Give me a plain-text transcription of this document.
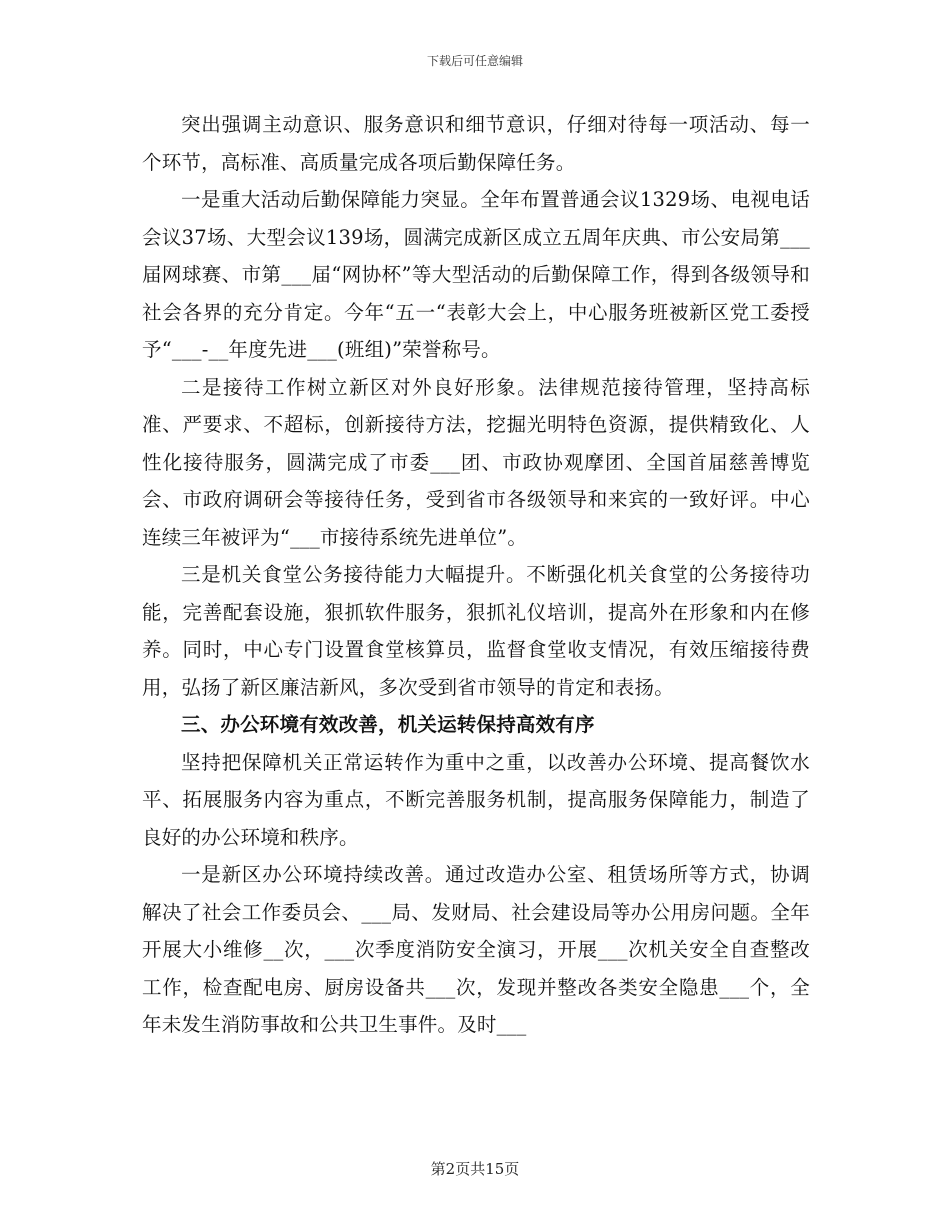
下载后可任意编辑

突出强调主动意识、服务意识和细节意识，仔细对待每一项活动、每一个环节，高标准、高质量完成各项后勤保障任务。

一是重大活动后勤保障能力突显。全年布置普通会议1329场、电视电话会议37场、大型会议139场，圆满完成新区成立五周年庆典、市公安局第___届网球赛、市第___届“网协杯”等大型活动的后勤保障工作，得到各级领导和社会各界的充分肯定。今年“五一“表彰大会上，中心服务班被新区党工委授予“___-__年度先进___(班组)”荣誉称号。

二是接待工作树立新区对外良好形象。法律规范接待管理，坚持高标准、严要求、不超标，创新接待方法，挖掘光明特色资源，提供精致化、人性化接待服务，圆满完成了市委___团、市政协观摩团、全国首届慈善博览会、市政府调研会等接待任务，受到省市各级领导和来宾的一致好评。中心连续三年被评为“___市接待系统先进单位”。

三是机关食堂公务接待能力大幅提升。不断强化机关食堂的公务接待功能，完善配套设施，狠抓软件服务，狠抓礼仪培训，提高外在形象和内在修养。同时，中心专门设置食堂核算员，监督食堂收支情况，有效压缩接待费用，弘扬了新区廉洁新风，多次受到省市领导的肯定和表扬。

三、办公环境有效改善，机关运转保持高效有序

坚持把保障机关正常运转作为重中之重，以改善办公环境、提高餐饮水平、拓展服务内容为重点，不断完善服务机制，提高服务保障能力，制造了良好的办公环境和秩序。

一是新区办公环境持续改善。通过改造办公室、租赁场所等方式，协调解决了社会工作委员会、___局、发财局、社会建设局等办公用房问题。全年开展大小维修__次，___次季度消防安全演习，开展___次机关安全自查整改工作，检查配电房、厨房设备共___次，发现并整改各类安全隐患___个，全年未发生消防事故和公共卫生事件。及时___

第2页共15页
